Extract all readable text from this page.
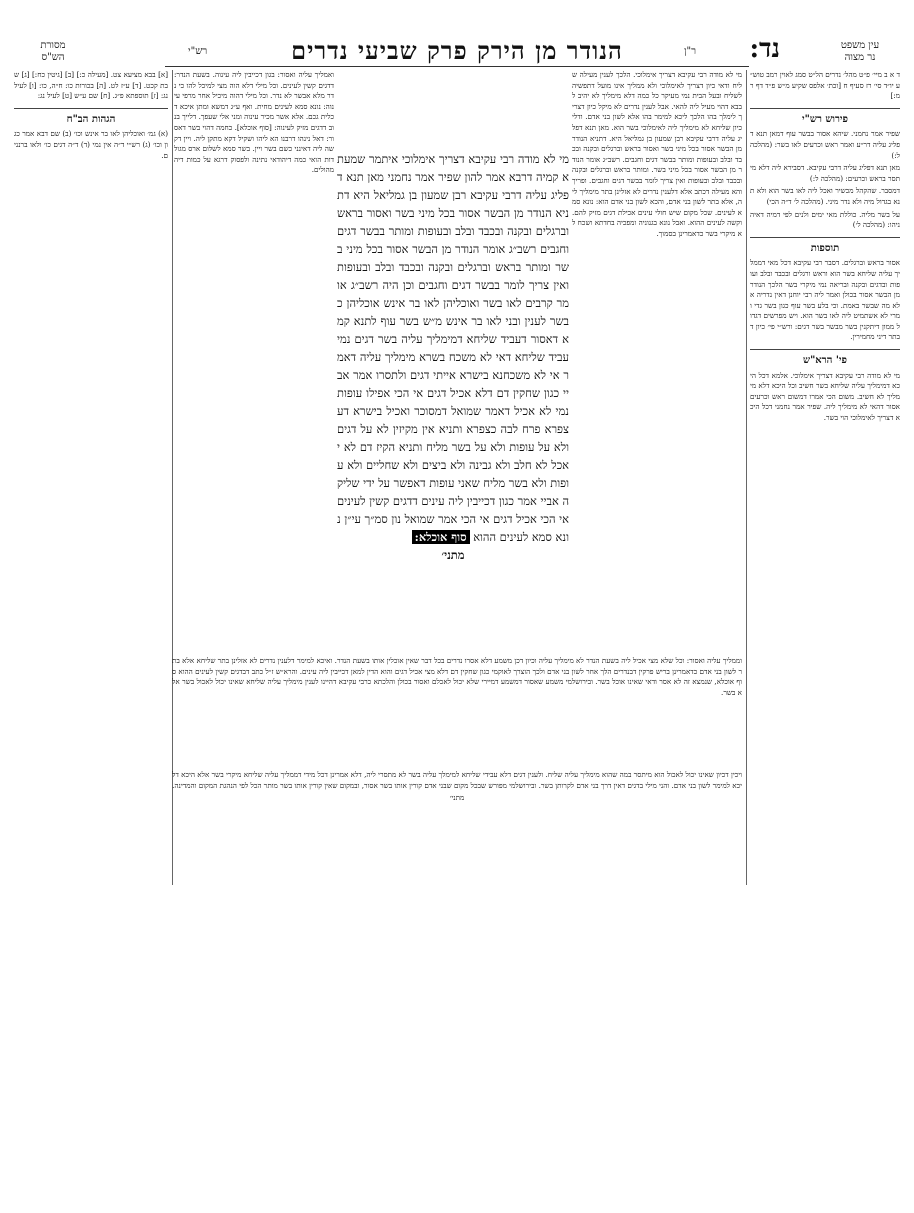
עין משפט
נר מצוה
מסורת
הש"ס	נד:
ר"ן
הנודר מן הירק פרק שביעי נדרים
רש"י

ד א ב מיי׳ פ״ט מהל׳ נדרים הל״ט סמג לאוין רמב טוש״ע יו״ד סי׳ רז סעיף ח [וכת׳ אלפס שקיע מ״ש פ״ד דף רמ:]

פירוש רש"י

שפיר אמר נחמני. שיהא אסור בבשר עוף דמאן תנא דפליג עליה דר״ע ואמר ראש וכרעים לאו בשר: (מהלכה ל:)

מאן תנא דפליג עליה דרבי עקיבא. דסבירא ליה דלא מיתסר בראש וכרעים: (מהלכה ל:)

דמסבר. שהקהל מכשיר ואכל ליה לאו בשר הוא ולא תנא בגדול מיה ולא נדר מיני. (מהלכה ל׳ ד״ה הכי)

על בשר מליה. כוללת מאי ימים ולנים לפי דמיה דאיה ניהו: (מהלכה ל׳)

תוספות

אסור בראש וברגלים. דסבר רבי עקיבא דכל מאי דממליך עליה שליחא בשר הוא וראש ורגלים ובכבד ובלב ועופות ובדגים ובקנה ובריאה נמי מיקרי בשר הלכך הנודר מן הבשר אסור בכולן ואמר ליה רבי יוחנן דאין נדריה אלא מה שבשר באמת. וכי בלע בשר עוף כגון בשר גדי ומרי לא אשתמיט ליה לאו בשר הוא. ויש מפרשים דגדול ממון דיתקנין בשר מבשר בשר דגים: ורש״י פי׳ כיון דבתר דיני מחמירין.

פי' הרא"ש

מי לא מודה רבי עקיבא דצריך אימלוכי. אלמא דכל היכא דמימליך עליה שליחא בשר חשיב וכל היכא דלא מימליך לא חשיב. משום הכי אמרו דמשום ראש וכרעים אסור דהאי לא מימליך ליה. שפיר אמר נחמני דכל היכא דצריך לאימלוכי הוי בשר.

מי לא מודה רבי עקיבא דצריך אימלוכי. הלכך לענין מעילה שליח ודאי כיון דצריך לאימלוכי ולא ממליך אינו מועל דתפשיה לשליח ובעל הבית נמי מעיקר כל כמה דלא מימליך לא יהיב לבבא דהוי מעיל ליה להאי. אבל לענין נדרים לא מיקל כיון דצריך לימלך בהו הלכך ליכא למימר בהו אלא לשון בני אדם. ודלי כיון שליחא לא מימליך ליה לאימלוכי בשר הוא. מאן תנא דפליג עליה דרבי עקיבא רבן שמעון בן גמליאל היא. דתניא הנודר מן הבשר אסור בכל מיני בשר ואסור בראש וברגלים ובקנה ובכבד ובלב ובעופות ומותר בבשר דגים וחגבים. רשב״ג אומר הנודר מן הבשר אסור בכל מיני בשר. ומותר בראש וברגלים ובקנה ובכבד ובלב ובעופות ואין צריך לומר בבשר דגים וחגבים. ופריך והא מעילה דכתב אלא דלענין נדרים לא אזלינן בתר מימליך ליה, אלא בתר לשון בני אדם, והכא לשון בני אדם הוא: נונא סמא לעינים. שכל מקום שיש חולי עינים אכילת דגים מזיק להם. וקשה לעינים ההוא. ואבל נונא בגנוניה ומפכיה בחדתא ושכח לא מיקרי בשר כדאמרינן בסמוך.

מי לא מודה רבי עקיבא דצריך אימלוכי איתמר שמעתא קמיה דרבא אמר להון שפיר אמר נחמני מאן תנא דפליג עליה דרבי עקיבא רבן שמעון בן גמליאל היא דתניא הנודר מן הבשר אסור בכל מיני בשר ואסור בראש וברגלים ובקנה ובכבד ובלב ובעופות ומותר בבשר דגים וחגבים רשב״ג אומר הנודר מן הבשר אסור בכל מיני בשר ומותר בראש וברגלים ובקנה ובכבד ובלב ובעופות ואין צריך לומר בבשר דגים וחגבים וכן היה רשב״ג אומר קרבים לאו בשר ואוכליהן לאו בר אינש אוכליהן כבשר לענין ובני לאו בר אינש מ״ש בשר עוף לתנא קמא דאסור דעביד שליחא דמימליך עליה בשר דגים נמי עביד שליחא דאי לא משכח בשרא מימליך עליה דאמר אי לא משכחנא בישרא אייתי דגים ולתסרו אמר אביי כגון שחקין דם דלא אכיל דגים אי הכי אפילו עופות נמי לא אכיל דאמר שמואל דמסוכר ואכיל בישרא דעצפרא פרח לבה כצפרא ותניא אין מקיזין לא על דגים ולא על עופות ולא על בשר מליח ותניא הקיז דם לא יאכל לא חלב ולא גבינה ולא ביצים ולא שחליים ולא עופות ולא בשר מליח שאני עופות דאפשר על ידי שליקה אביי אמר כגון דכייבין ליה עינים דדגים קשין לעינים אי הכי אכיל דגים אי הכי אמר שמואל נון סמ״ך עי״ן נונא סמא לעינים ההוא סוף אוכלא:

מתני׳

ואמליך עליה ואסור: בגון דכייבין ליה עינוה. בשעת הנדר: דדגים קשין לעינים. וכל מילי דלא הוה מצי למיכל להו כי נדר מלא אבשר לא נדר. וכל מילי דהוה מיכיל אחר מרפי עינוה: נונא סמא לעינים מחית. ואף ע״ג דמשא ומתן איכא דכלית גכם. אלא אשר מכיר עינוה ומני אלי שעפך. דלייך בנוב דדגים מזיק לעינוה: [סוף אוכלא]. כחמה דהוי בשר דאסור: דאל נינהו דרבנו הא ליהו ושקיל דקא מתקן ליה. ויין דקשה ליה דאינני כשם בשר ויין. בשר סמא לשלום ארס מגולדות הואי כמה דיהודאי נתינה ולפסוק דרגא על כמות דיה מהולים.

[א] בבא מציעא צט. [מעילה כ:] [ב] [גיטין כח:] [ג] שבת קכט. [ד] ע״ז לט. [ה] בכורות כו: ח״ה, כו: [ו] לעיל נג: [ז] תוספתא פ״ג. [ח] שם ע״ש [ט] לעיל נג:

הגהות הב"ח

(א) גמ׳ ואוכליהן לאו בר אינש וכו׳ (ב) שם דבא אמר כגון וכו׳ (ג) רש״י ד״ה אין נמי (ד) ד״ה דגים כו׳ ולאו ברננים.

וממליך עליה ואסור: וכל שלא מצי אכיל ליה בשעת הנדר לא מימליך עליה וכיון דכן משמע דלא אסרו נדרים בכל דבר שאין אוכלין אותו בשעת הנדר. ואיכא למימר דלענין נדרים לא אזלינן בתר שליחא אלא בתר לשון בני אדם כדאמרינן בריש פרקין דבנדרים הלך אחר לשון בני אדם ולכך הוצרך לאוקמי כגון שחקין דם דלא מצי אכיל דגים והוא הדין למאן דכייבין ליה עינים. והרא״ש ז״ל כתב דבדגים קשין לעינים ההוא סוף אוכלא, שנמצא זה לא אסר ודאי שאינו אוכל בשר. ובירושלמי משמע שאסור דמשמע דמיירי שלא יכול לאכלם ואסור בכולן והלכתא כרבי עקיבא דהיינו לענין מימליך עליה שליחא שאינו יכול לאכול בשר אלא בשר.

ויכין דכיון שאינו יכול לאכול הוא מיתסר במה שהוא מימליך עליה שליח. ולענין דגים דלא עבידי שליחא למימלך עליה בשר לא מתסרי ליה, דלא אמרינן דכל מידי דממליך עליה שליחא מיקרי בשר אלא היכא דליכא למימר לשון בני אדם. והני מילי בדגים דאין דרך בני אדם לקרותן בשר. ובירושלמי מפורש שבכל מקום שבני אדם קורין אותו בשר אסור, ובמקום שאין קורין אותו בשר מותר הכל לפי הנהגת המקום והמדינה.

מתני׳
